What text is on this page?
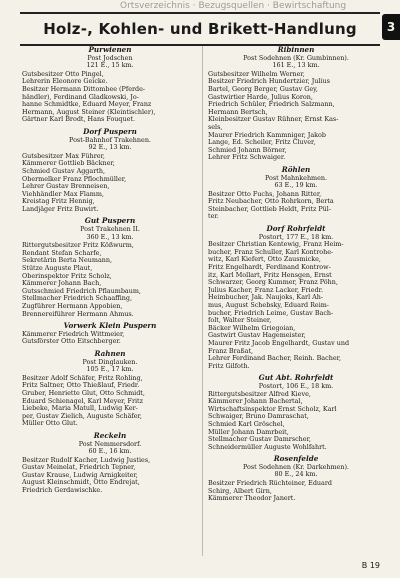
Ortsverzeichnis · Bezugsquellen · Bewirtschaftung
Holz-, Kohlen- und Brikett-Handlung	3
Purwienen
Post Jodschen
121 E., 15 km.
Gutsbesitzer Otto Pingel,
Lehrerin Eleonore Geicke.
Besitzer Hermann Dittombee (Pferde-
händler), Ferdinand Gladkowski, Jo-
hanne Schmidtke, Eduard Meyer, Franz
Hermann, August Steiner (Kleintischler),
Gärtner Karl Brodt, Hans Fouquet.
Dorf Puspern
Post-Bahnhof Trakehnen.
92 E., 13 km.
Gutsbesitzer Max Führer,
Kämmerer Gottlieb Bäckner,
Schmied Gustav Aggarth,
Obermelker Franz Pflochmüller,
Lehrer Gustav Brenneisen,
Viehhändler Max Flamm,
Kreistag Fritz Hennig,
Landjäger Fritz Buwirt.
Gut Puspern
Post Trakehnen II.
360 E., 13 km.
Rittergutsbesitzer Fritz Kößwurm,
Rendant Stefan Scharfe,
Sekretärin Berta Neumann,
Stütze Auguste Plaut,
Oberinspektor Fritz Scholz,
Kämmerer Johann Bach,
Gutsschmied Friedrich Pflaumbaum,
Stellmacher Friedrich Schaaffing,
Zugführer Hermann Appobien,
Brennereiführer Hermann Ahmus.
Vorwerk Klein Puspern
Kämmerer Friedrich Wittmeier,
Gutsförster Otto Eitschberger.
Rahnen
Post Dinglauken.
105 E., 17 km.
Besitzer Adolf Schäfer, Fritz Rohling,
Fritz Saltner, Otto Thießlauf, Friedr.
Gruber, Henriette Glut, Otto Schmidt,
Eduard Schienagel, Karl Meyer, Fritz
Liebeke, Maria Matull, Ludwig Ker-
per, Gustav Zielich, Auguste Schäfer,
Müller Otto Glut.
Reckeln
Post Nemmersdorf.
60 E., 16 km.
Besitzer Rudolf Kacher, Ludwig Justies,
Gustav Meinelat, Friedrich Tepner,
Gustav Krause, Ludwig Arnigkeiter,
August Kleinschmidt, Otto Endrejat,
Friedrich Gerdawischke.
Ribinnen
Post Sodehnen (Kr. Gumbinnen).
161 E., 13 km.
Gutsbesitzer Wilhelm Werner,
Besitzer Friedrich Hundertzier, Julius
Bartel, Georg Berger, Gustav Gey,
Gastwirtier Harde, Julius Koron,
Friedrich Schüler, Friedrich Salzmann,
Hermann Bertsch,
Kleinbesitzer Gustav Rühner, Ernst Kas-
sels,
Maurer Friedrich Kammniger, Jakob
Lange, Ed. Scheiler, Fritz Cluver,
Schmied Johann Börner,
Lehrer Fritz Schwaiger.
Röhlen
Post Mahnkehmen.
63 E., 19 km.
Besitzer Otto Fuchs, Johann Ritter,
Fritz Neubacher, Otto Rohrkorn, Berta
Steinbacher, Gottlieb Heldt, Fritz Pül-
ter.
Dorf Rohrfeldt
Postort, 177 E., 18 km.
Besitzer Christian Kentewig, Franz Heim-
bucher, Franz Schuller, Karl Kontrohe-
witz, Karl Kiefert, Otto Zausmicke,
Fritz Engelhardt, Ferdinand Kontrow-
itz, Karl Mollart, Fritz Hensgen, Ernst
Schwarzer, Georg Kummer, Franz Pöhn,
Julius Kacher, Franz Lacker, Friedr.
Heimbucher, Jak. Naujoks, Karl Ah-
mus, August Schebsky, Eduard Reim-
bucher, Friedrich Leime, Gustav Bach-
folt, Walter Steiner,
Bäcker Wilhelm Griegoian,
Gastwirt Gustav Hagemeister,
Maurer Fritz Jacob Engelhardt, Gustav und
Franz Braßat,
Lehrer Ferdinand Bacher, Reinh. Bacher,
Fritz Gilfoth.
Gut Abt. Rohrfeldt
Postort, 106 E., 18 km.
Rittergutsbesitzer Alfred Kieve,
Kämmerer Johann Bachertal,
Wirtschaftsinspektor Ernst Scholz, Karl
Schwaiger, Bruno Damraschat,
Schmied Karl Gröschel,
Müller Johann Damrbeit,
Stellmacher Gustav Damrscher,
Schneidermüller Auguste Wohlfahrt.
Rosenfelde
Post Sodehnen (Kr. Darkehmen).
80 E., 24 km.
Besitzer Friedrich Rüchteiner, Eduard
Schirg, Albert Girn,
Kämmerer Theodor Janert.
B 19
